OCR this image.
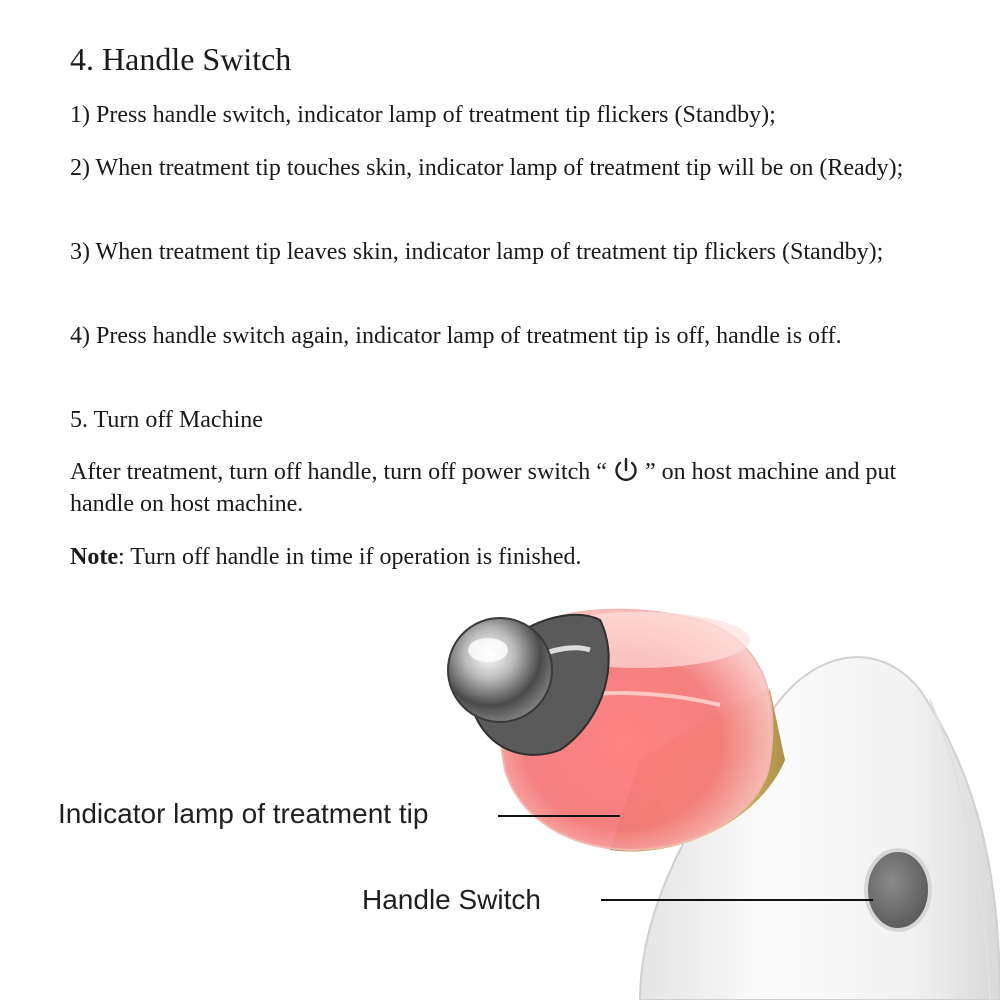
4. Handle Switch
1) Press handle switch, indicator lamp of treatment tip flickers (Standby);
2) When treatment tip touches skin, indicator lamp of treatment tip will be on (Ready);
3) When treatment tip leaves skin, indicator lamp of treatment tip flickers (Standby);
4) Press handle switch again, indicator lamp of treatment tip is off, handle is off.
5. Turn off Machine
After treatment, turn off handle, turn off power switch “ ” on host machine and put handle on host machine.
Note: Turn off handle in time if operation is finished.
Indicator lamp of treatment tip
Handle Switch
